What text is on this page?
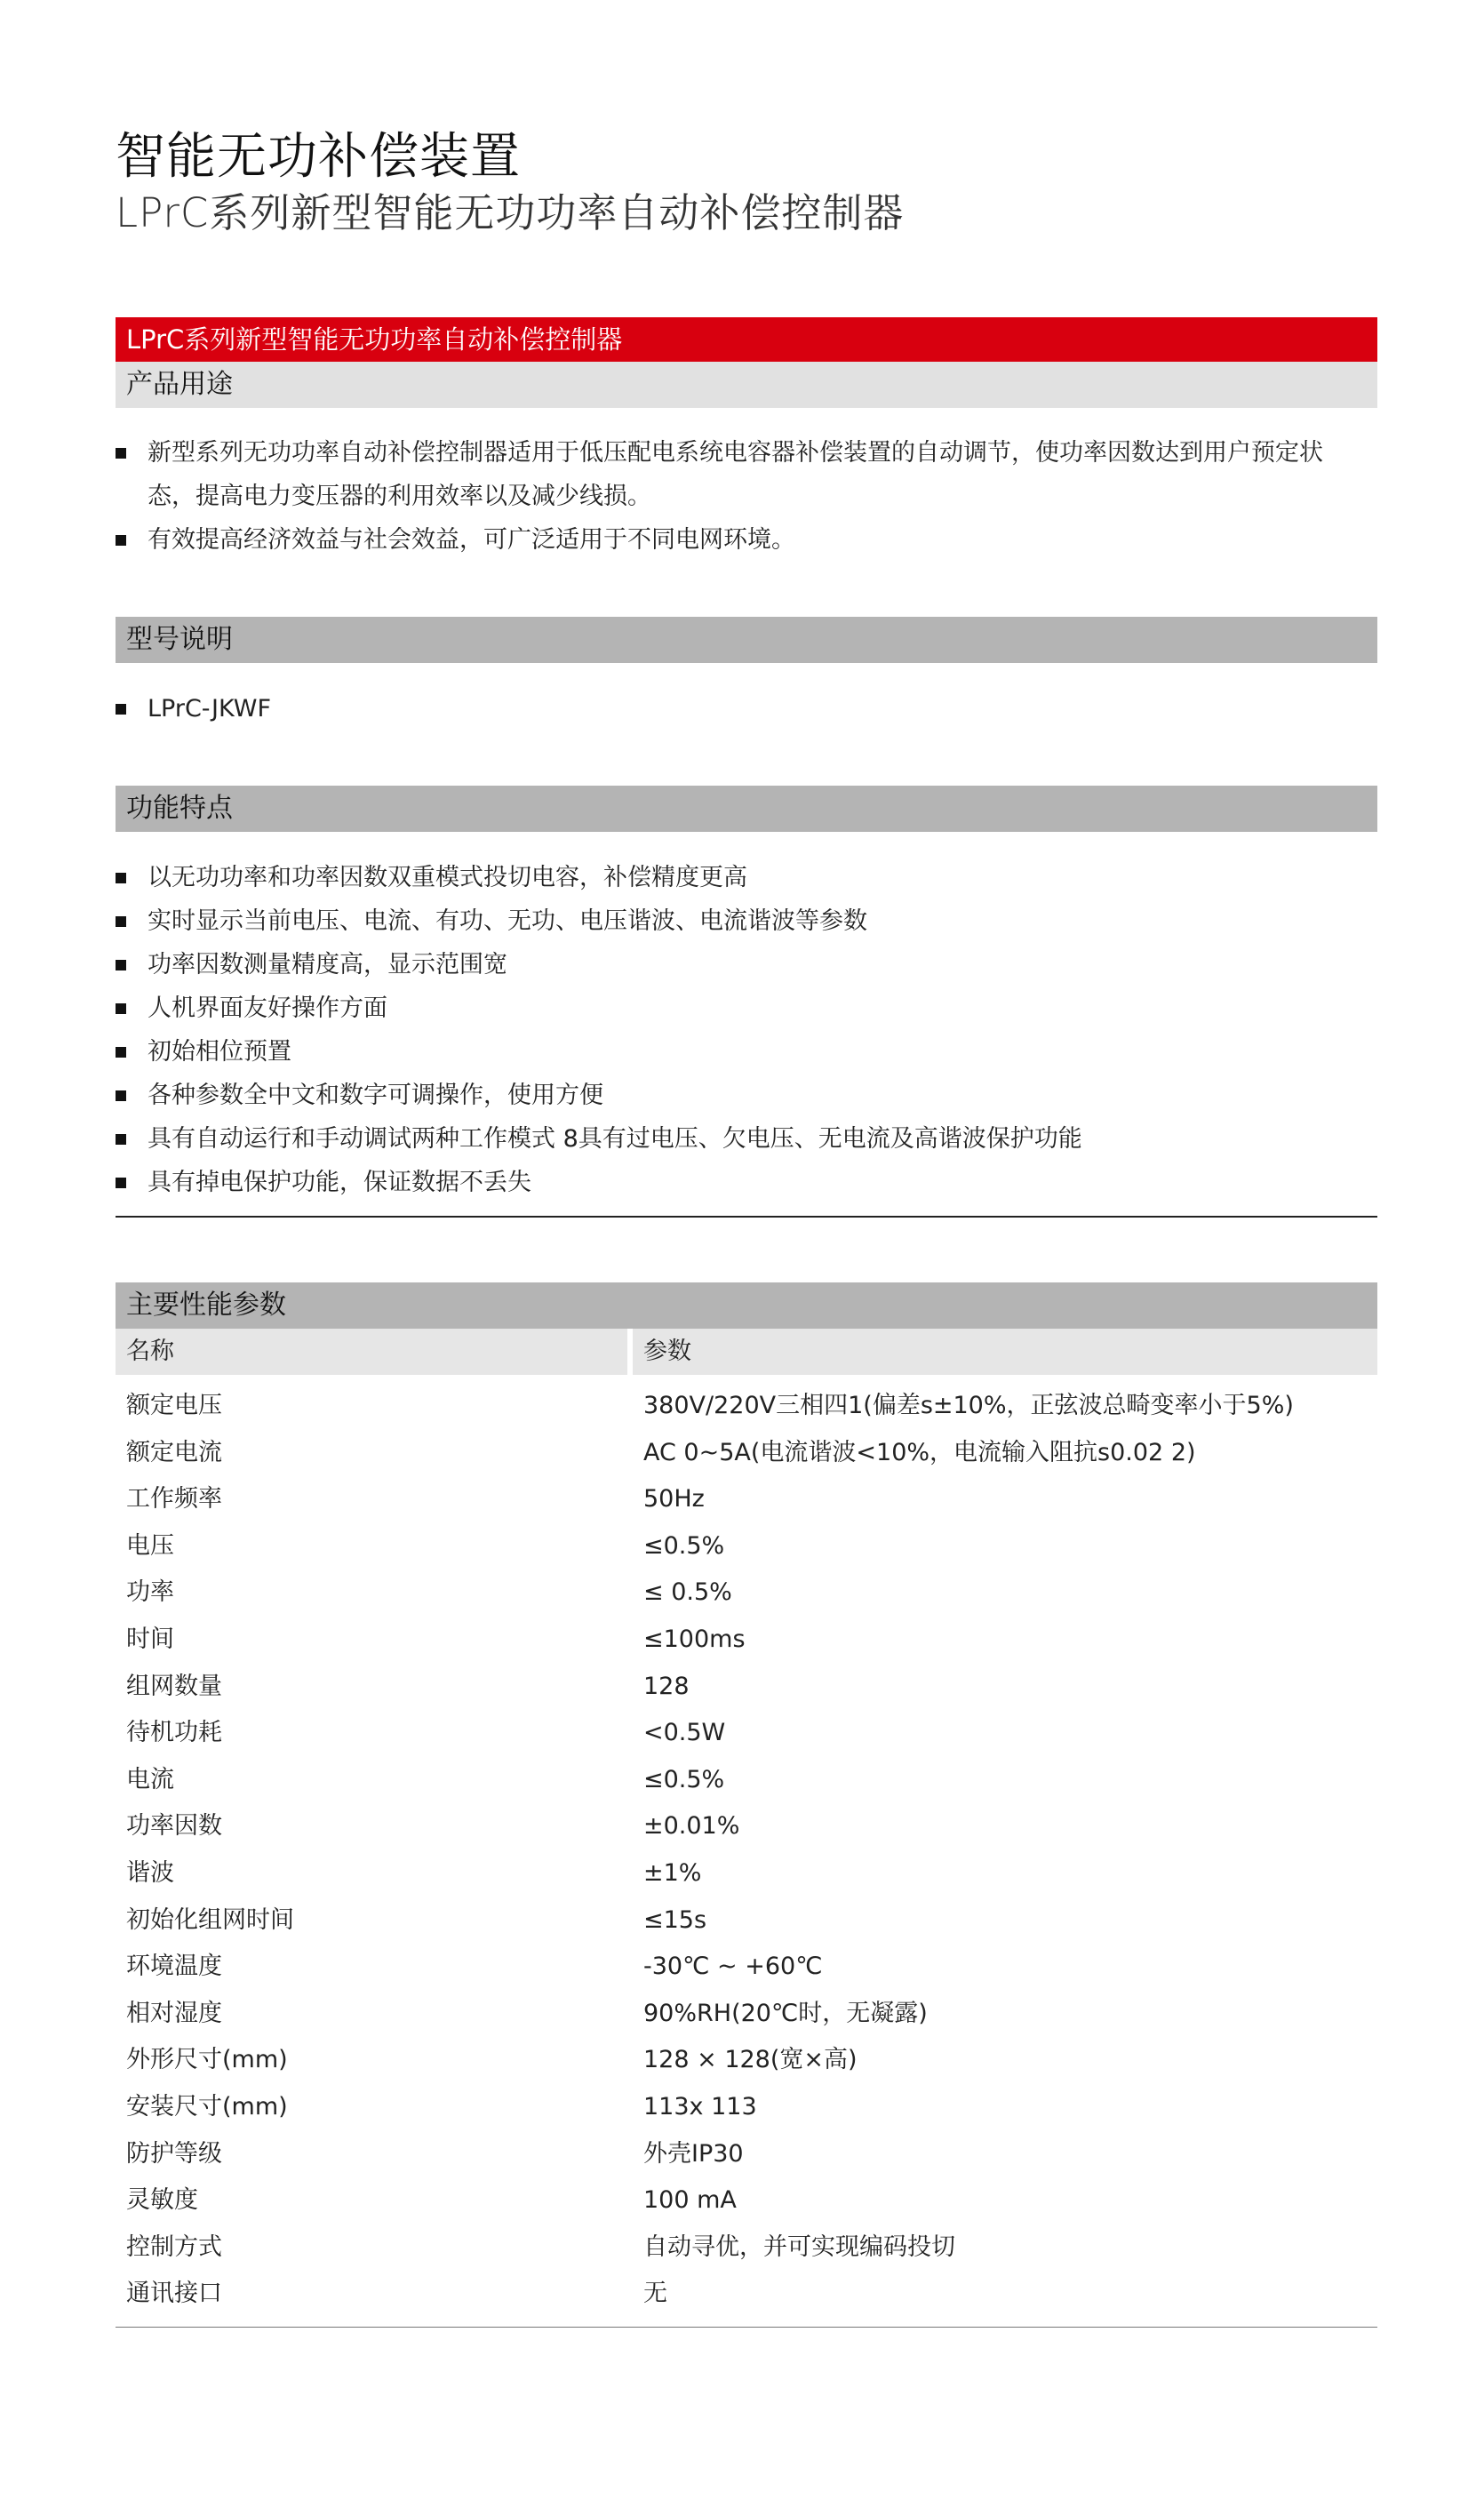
智能无功补偿装置
LPrC系列新型智能无功功率自动补偿控制器
LPrC系列新型智能无功功率自动补偿控制器
产品用途
新型系列无功功率自动补偿控制器适用于低压配电系统电容器补偿装置的自动调节，使功率因数达到用户预定状态，提高电力变压器的利用效率以及减少线损。
有效提高经济效益与社会效益，可广泛适用于不同电网环境。
型号说明
LPrC-JKWF
功能特点
以无功功率和功率因数双重模式投切电容，补偿精度更高
实时显示当前电压、电流、有功、无功、电压谐波、电流谐波等参数
功率因数测量精度高，显示范围宽
人机界面友好操作方面
初始相位预置
各种参数全中文和数字可调操作，使用方便
具有自动运行和手动调试两种工作模式 8具有过电压、欠电压、无电流及高谐波保护功能
具有掉电保护功能，保证数据不丢失
主要性能参数
名称	参数
额定电压	380V/220V三相四1(偏差s±10%，正弦波总畸变率小于5%)
额定电流	AC 0~5A(电流谐波<10%，电流输入阻抗s0.02 2)
工作频率	50Hz
电压	≤0.5%
功率	≤ 0.5%
时间	≤100ms
组网数量	128
待机功耗	<0.5W
电流	≤0.5%
功率因数	±0.01%
谐波	±1%
初始化组网时间	≤15s
环境温度	-30℃ ~ +60℃
相对湿度	90%RH(20℃时，无凝露)
外形尺寸(mm)	128 × 128(宽×高)
安装尺寸(mm)	113x 113
防护等级	外壳IP30
灵敏度	100 mA
控制方式	自动寻优，并可实现编码投切
通讯接口	无
